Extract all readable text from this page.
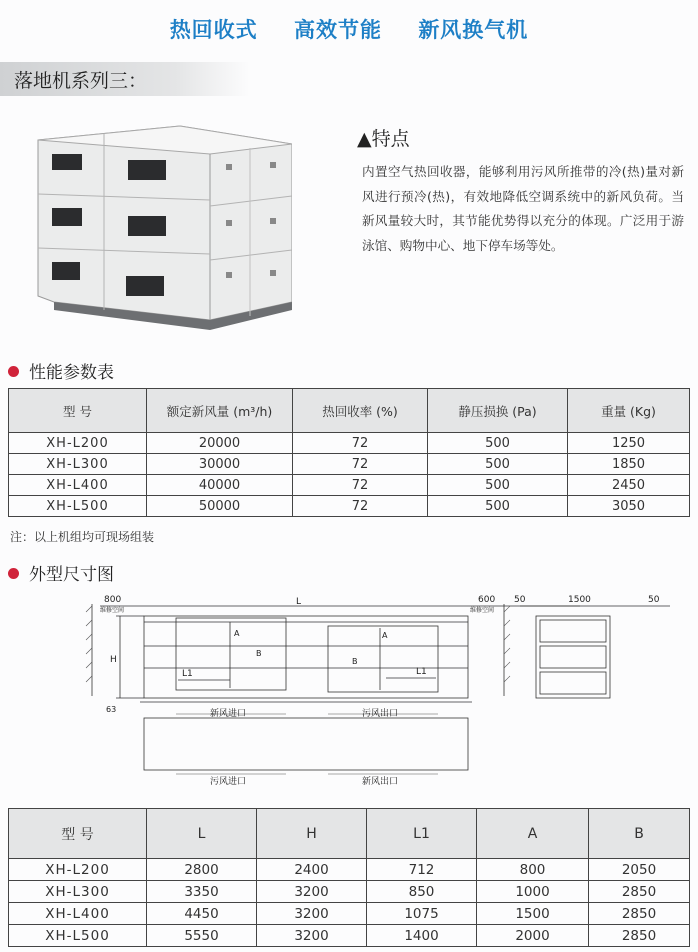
热回收式 高效节能 新风换气机
落地机系列三：
▲特点
内置空气热回收器，能够利用污风所推带的冷(热)量对新风进行预冷(热)，有效地降低空调系统中的新风负荷。当新风量较大时，其节能优势得以充分的体现。广泛用于游泳馆、购物中心、地下停车场等处。
性能参数表
型 号	额定新风量 (m³/h)	热回收率 (%)	静压损换 (Pa)	重量 (Kg)
XH-L200	20000	72	500	1250
XH-L300	30000	72	500	1850
XH-L400	40000	72	500	2450
XH-L500	50000	72	500	3050
注：以上机组均可现场组装
外型尺寸图
800
维修空间
L	600
维修空间
50	1500	50
H
63
L1	L1
A	A
B
B
新风进口	污风出口
污风进口	新风出口
型 号	L	H	L1	A	B
XH-L200	2800	2400	712	800	2050
XH-L300	3350	3200	850	1000	2850
XH-L400	4450	3200	1075	1500	2850
XH-L500	5550	3200	1400	2000	2850
